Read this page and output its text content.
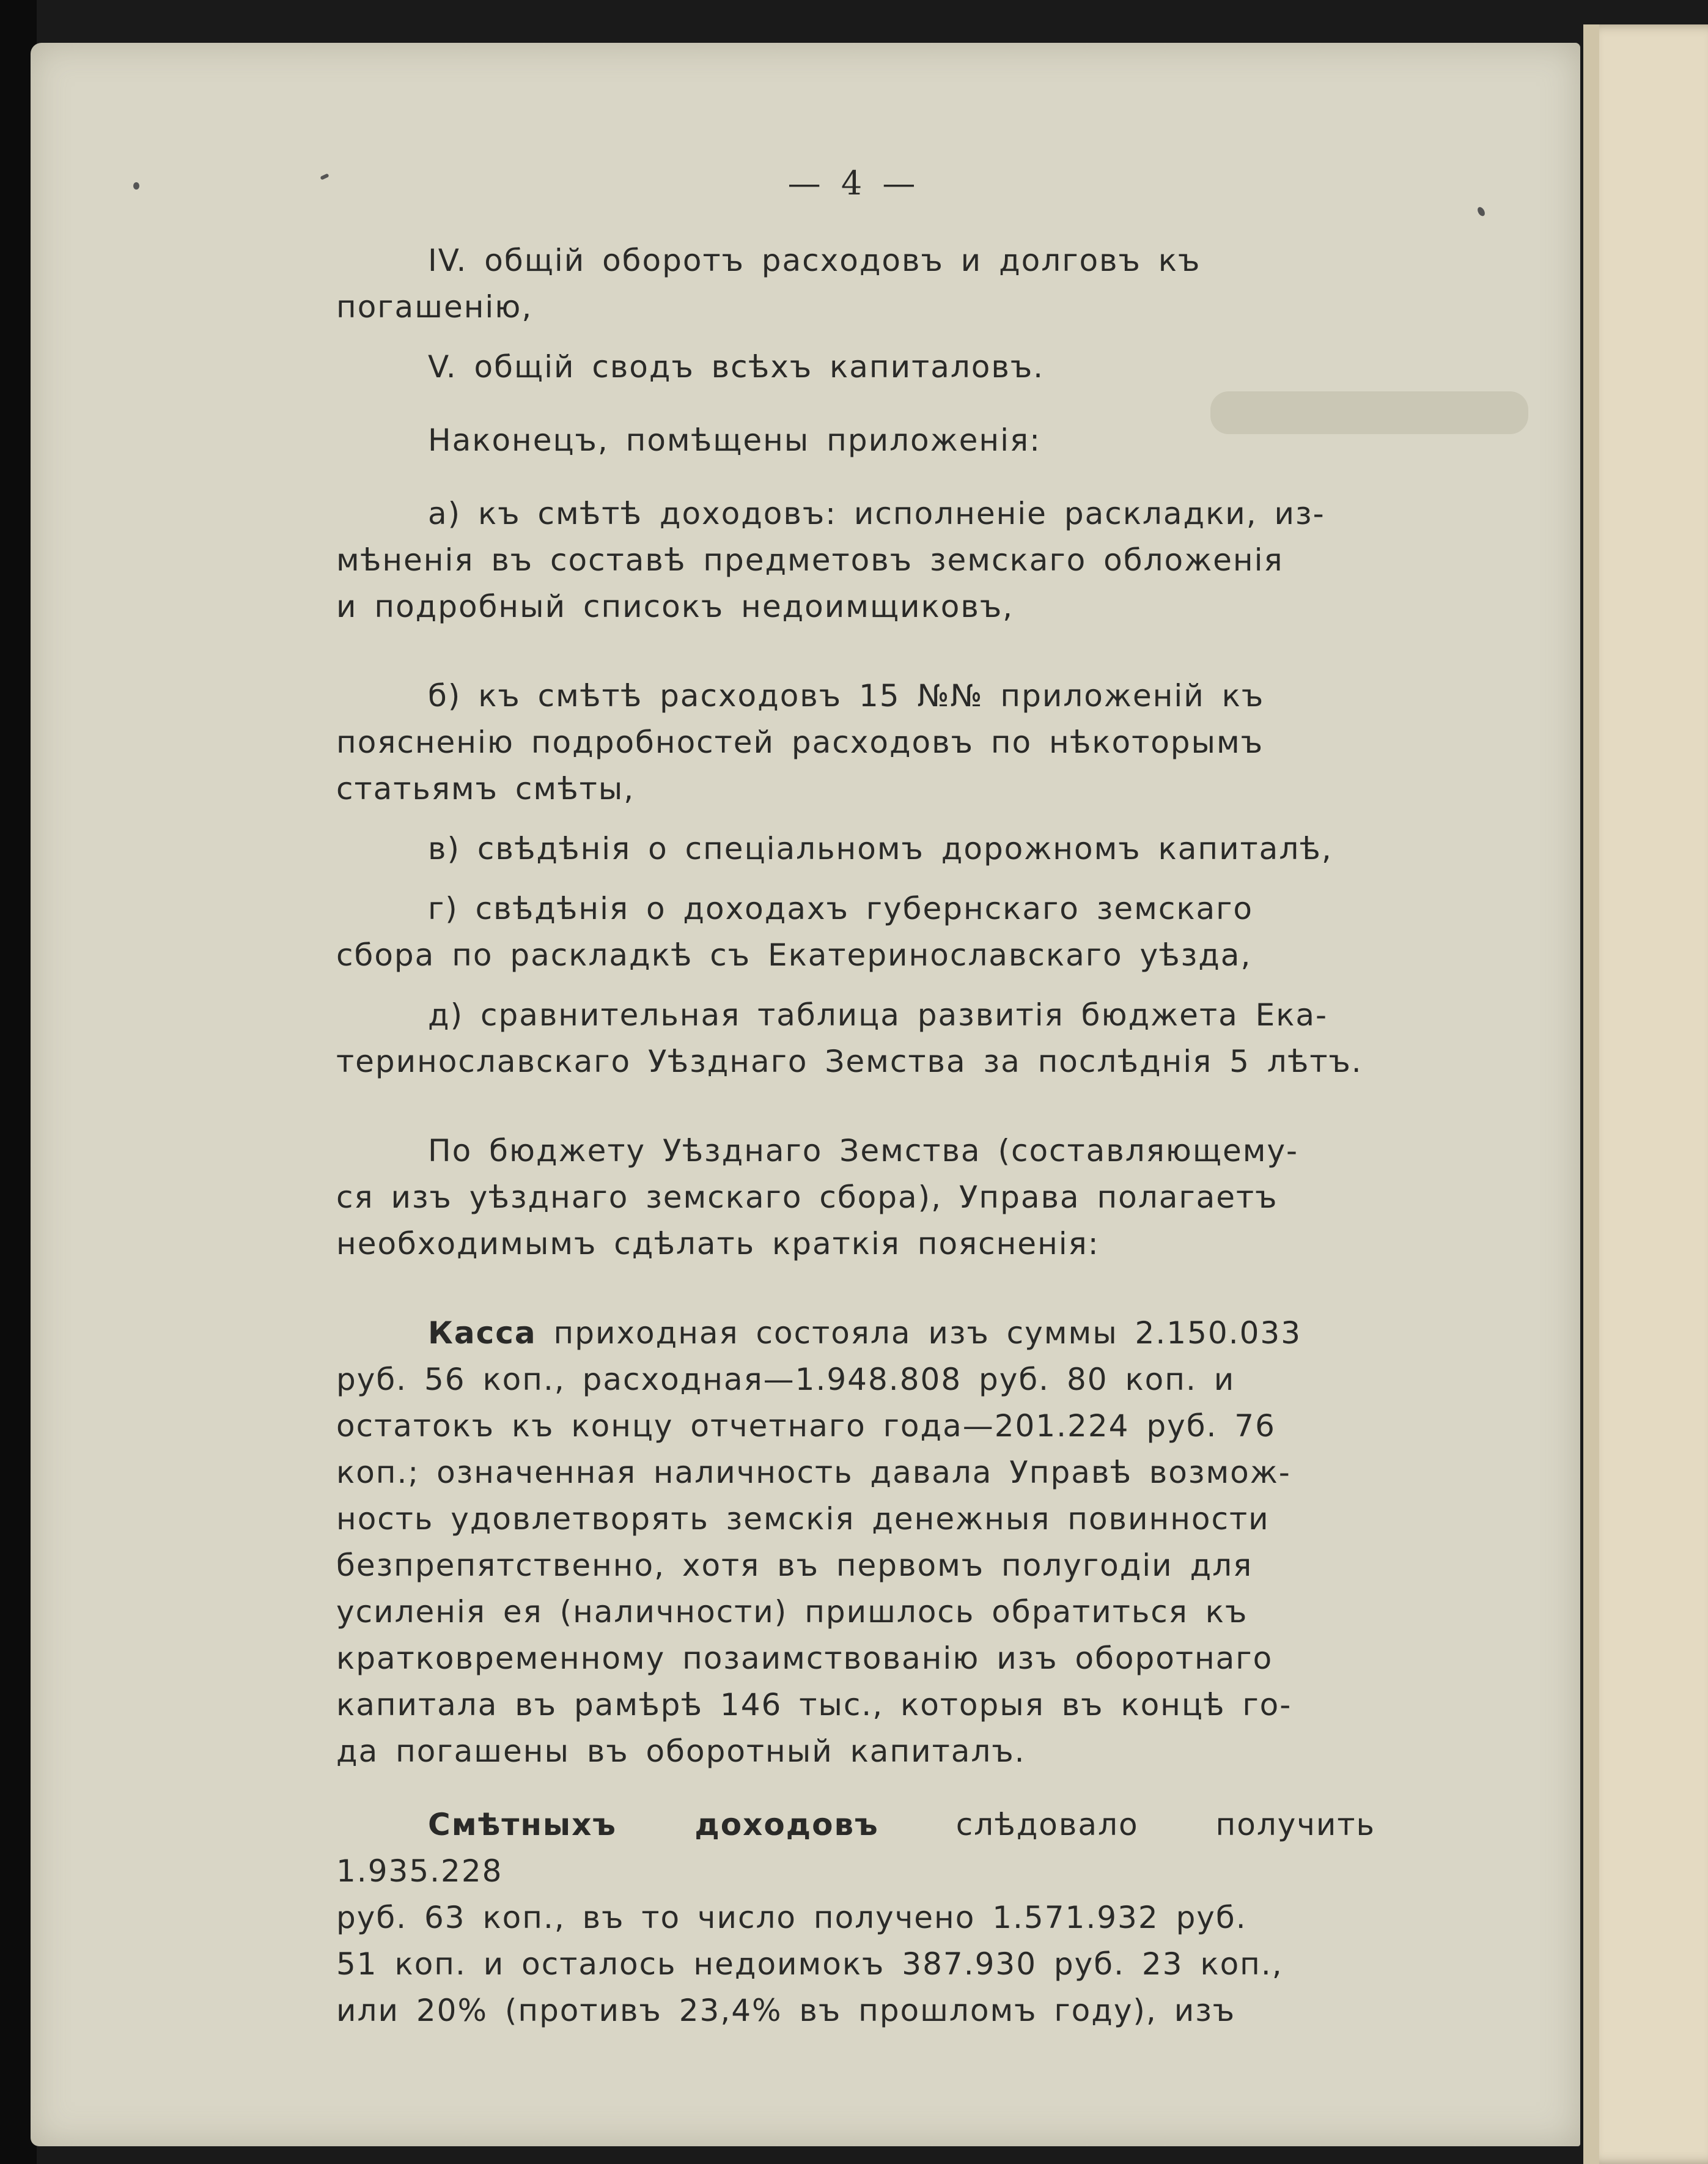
— 4 —

IV. общій оборотъ расходовъ и долговъ къ

погашенію,

V. общій сводъ всѣхъ капиталовъ.

Наконецъ, помѣщены приложенія:

а) къ смѣтѣ доходовъ: исполненіе раскладки, из-

мѣненія въ составѣ предметовъ земскаго обложенія

и подробный списокъ недоимщиковъ,

б) къ смѣтѣ расходовъ 15 №№ приложеній къ

поясненію подробностей расходовъ по нѣкоторымъ

статьямъ смѣты,

в) свѣдѣнія о спеціальномъ дорожномъ капиталѣ,

г) свѣдѣнія о доходахъ губернскаго земскаго

сбора по раскладкѣ съ Екатеринославскаго уѣзда,

д) сравнительная таблица развитія бюджета Ека-

теринославскаго Уѣзднаго Земства за послѣднія 5 лѣтъ.

По бюджету Уѣзднаго Земства (составляющему-

ся изъ уѣзднаго земскаго сбора), Управа полагаетъ

необходимымъ сдѣлать краткія поясненія:

Касса приходная состояла изъ суммы 2.150.033

руб. 56 коп., расходная—1.948.808 руб. 80 коп. и

остатокъ къ концу отчетнаго года—201.224 руб. 76

коп.; означенная наличность давала Управѣ возмож-

ность удовлетворять земскія денежныя повинности

безпрепятственно, хотя въ первомъ полугодіи для

усиленія ея (наличности) пришлось обратиться къ

кратковременному позаимствованію изъ оборотнаго

капитала въ рамѣрѣ 146 тыс., которыя въ концѣ го-

да погашены въ оборотный капиталъ.

Смѣтныхъ доходовъ слѣдовало получить 1.935.228

руб. 63 коп., въ то число получено 1.571.932 руб.

51 коп. и осталось недоимокъ 387.930 руб. 23 коп.,

или 20% (противъ 23,4% въ прошломъ году), изъ
